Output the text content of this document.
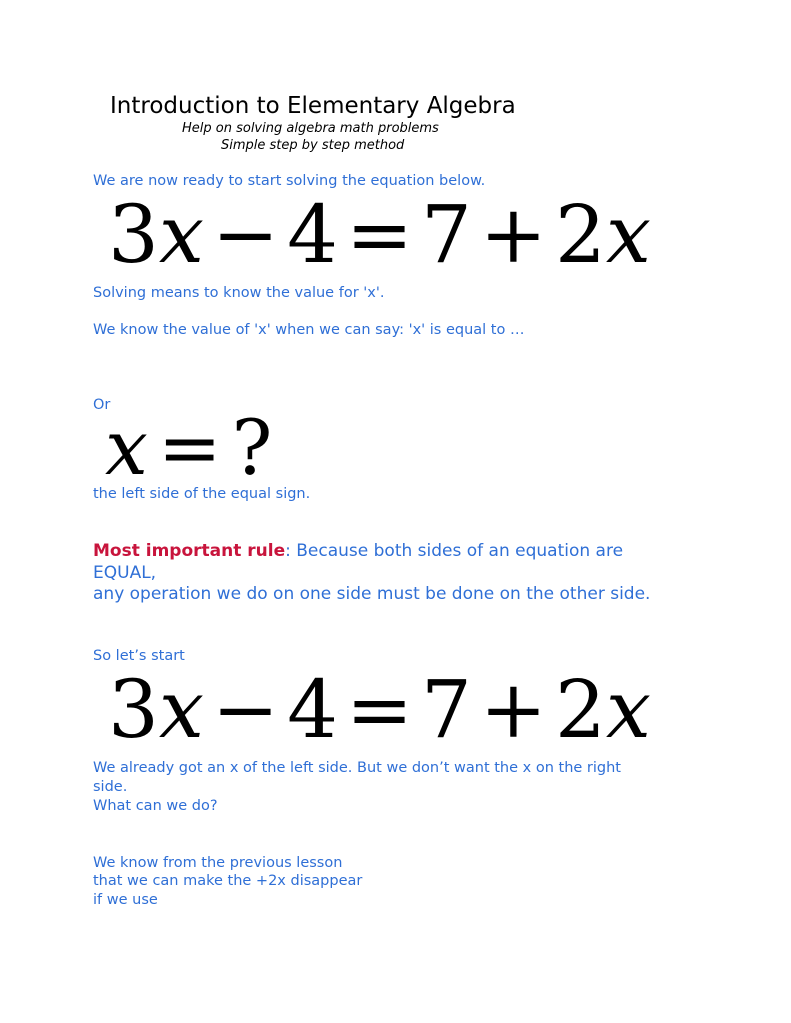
Introduction to Elementary Algebra
Help on solving algebra math problems
Simple step by step method
We are now ready to start solving the equation below.
3x − 4 = 7 + 2x
Solving means to know the value for 'x'.
We know the value of 'x' when we can say: 'x' is equal to …
Or
x = ?
the left side of the equal sign.
Most important rule: Because both sides of an equation are
EQUAL,
any operation we do on one side must be done on the other side.
So let’s start
3x − 4 = 7 + 2x
We already got an x of the left side. But we don’t want the x on the right
side.
What can we do?
We know from the previous lesson
that we can make the +2x disappear
if we use
